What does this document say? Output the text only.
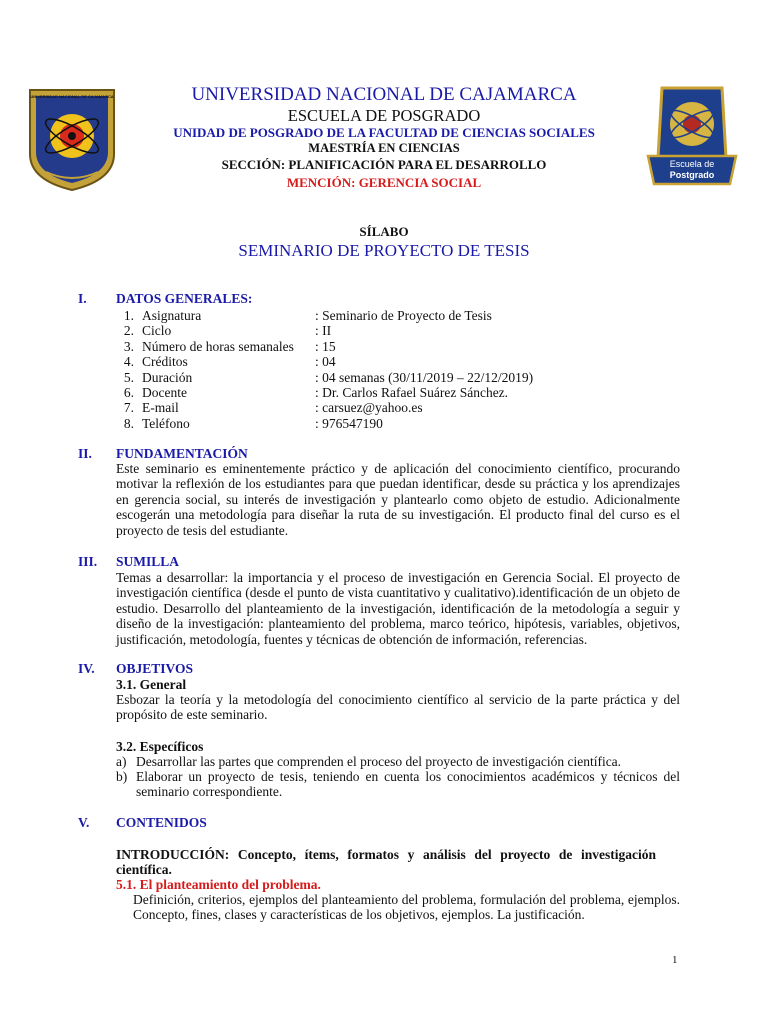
UNIVERSIDAD NACIONAL DE CAJAMARCA
Escuela de
Postgrado
UNIVERSIDAD NACIONAL DE CAJAMARCA
ESCUELA DE POSGRADO
UNIDAD DE POSGRADO DE LA FACULTAD DE CIENCIAS SOCIALES
MAESTRÍA EN CIENCIAS
SECCIÓN: PLANIFICACIÓN PARA EL DESARROLLO
MENCIÓN: GERENCIA SOCIAL
SÍLABO
SEMINARIO DE PROYECTO DE TESIS
I.	DATOS GENERALES:
1. Asignatura	: Seminario de Proyecto de Tesis
2. Ciclo	: II
3. Número de horas semanales : 15
4. Créditos	: 04
5. Duración	: 04 semanas (30/11/2019 – 22/12/2019)
6. Docente	: Dr. Carlos Rafael Suárez Sánchez.
7. E-mail	: carsuez@yahoo.es
8. Teléfono	: 976547190
II.	FUNDAMENTACIÓN
Este seminario es eminentemente práctico y de aplicación del conocimiento científico, procurando motivar la reflexión de los estudiantes para que puedan identificar, desde su práctica y los aprendizajes en gerencia social, su interés de investigación y plantearlo como objeto de estudio. Adicionalmente escogerán una metodología para diseñar la ruta de su investigación. El producto final del curso es el proyecto de tesis del estudiante.
III.	SUMILLA
Temas a desarrollar: la importancia y el proceso de investigación en Gerencia Social. El proyecto de investigación científica (desde el punto de vista cuantitativo y cualitativo).identificación de un objeto de estudio. Desarrollo del planteamiento de la investigación, identificación de la metodología a seguir y diseño de la investigación: planteamiento del problema, marco teórico, hipótesis, variables, objetivos, justificación, metodología, fuentes y técnicas de obtención de información, referencias.
IV.	OBJETIVOS
3.1. General
Esbozar la teoría y la metodología del conocimiento científico al servicio de la parte práctica y del propósito de este seminario.
3.2. Específicos
a) Desarrollar las partes que comprenden el proceso del proyecto de investigación científica.
b) Elaborar un proyecto de tesis, teniendo en cuenta los conocimientos académicos y técnicos del seminario correspondiente.
V.	CONTENIDOS
INTRODUCCIÓN: Concepto, ítems, formatos y análisis del proyecto de investigación científica.
5.1. El planteamiento del problema.
Definición, criterios, ejemplos del planteamiento del problema, formulación del problema, ejemplos. Concepto, fines, clases y características de los objetivos, ejemplos. La justificación.
1
